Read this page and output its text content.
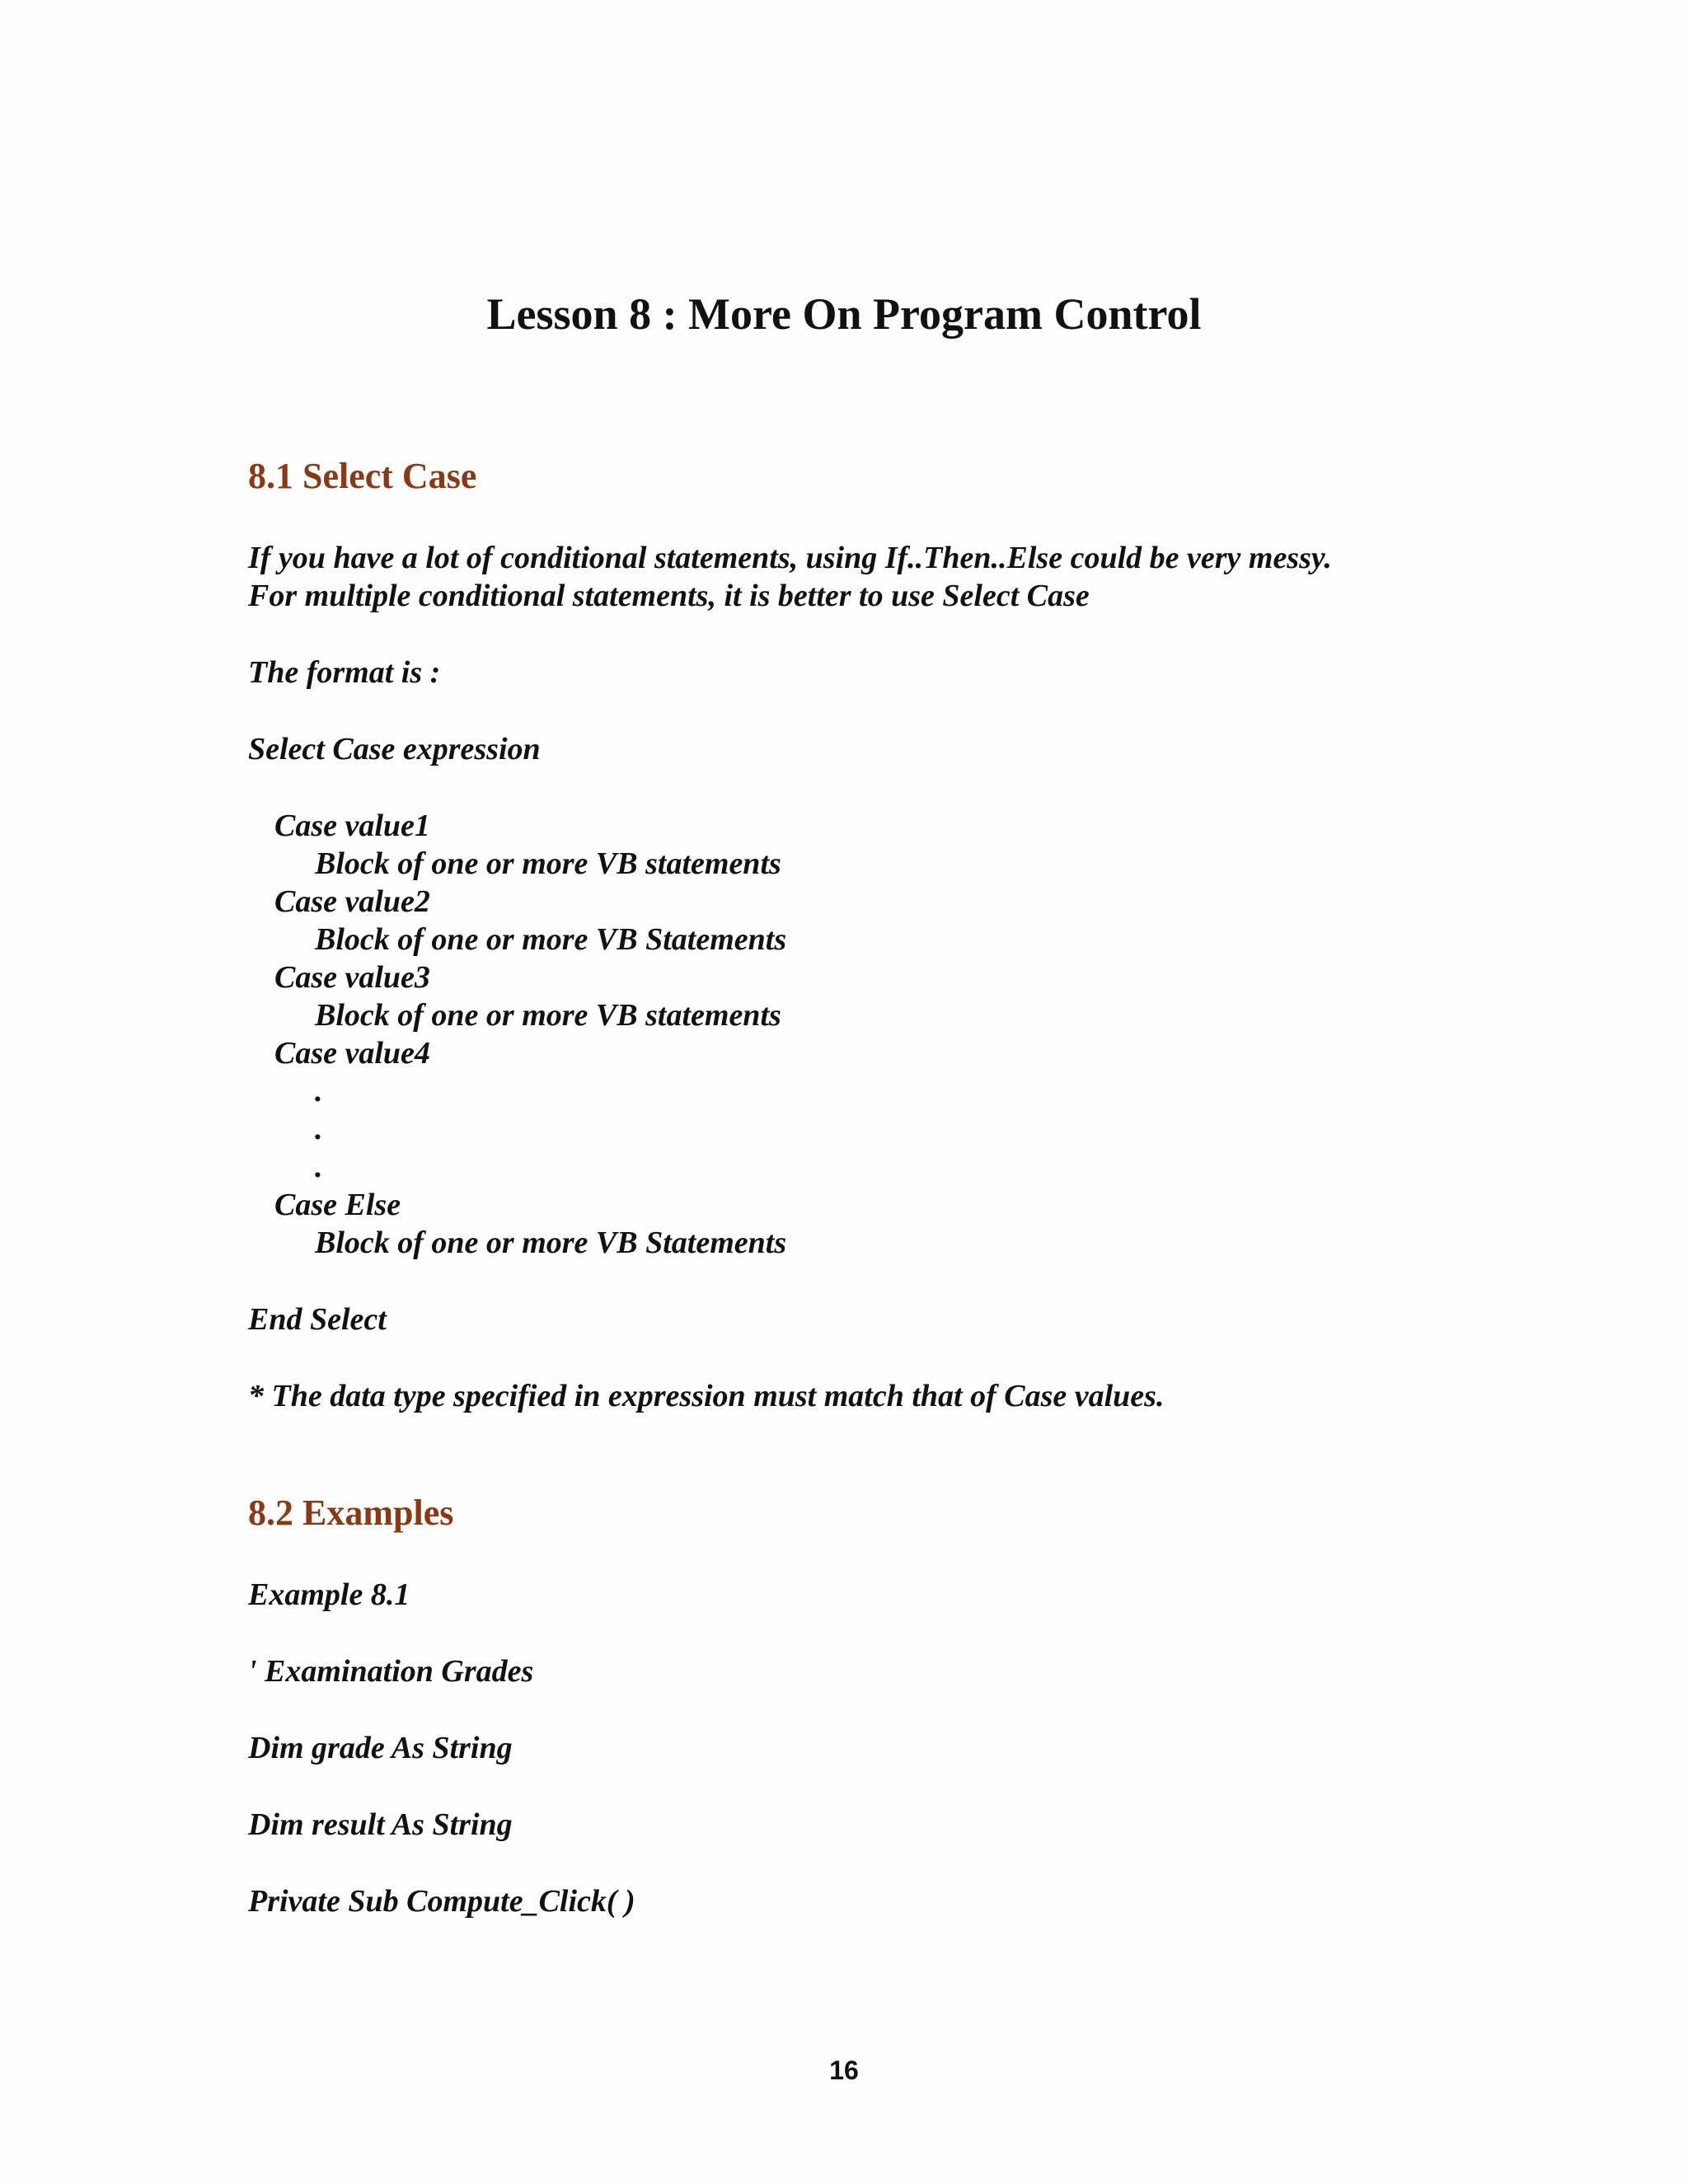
Lesson 8 : More On Program Control
8.1 Select Case

If you have a lot of conditional statements, using If..Then..Else could be very messy.

For multiple conditional statements, it is better to use Select Case

The format is :

Select Case expression

Case value1

Block of one or more VB statements

Case value2

Block of one or more VB Statements

Case value3

Block of one or more VB statements

Case value4

.

.

.

Case Else

Block of one or more VB Statements

End Select

* The data type specified in expression must match that of Case values.

8.2 Examples

Example 8.1

' Examination Grades

Dim grade As String

Dim result As String

Private Sub Compute_Click( )

16
